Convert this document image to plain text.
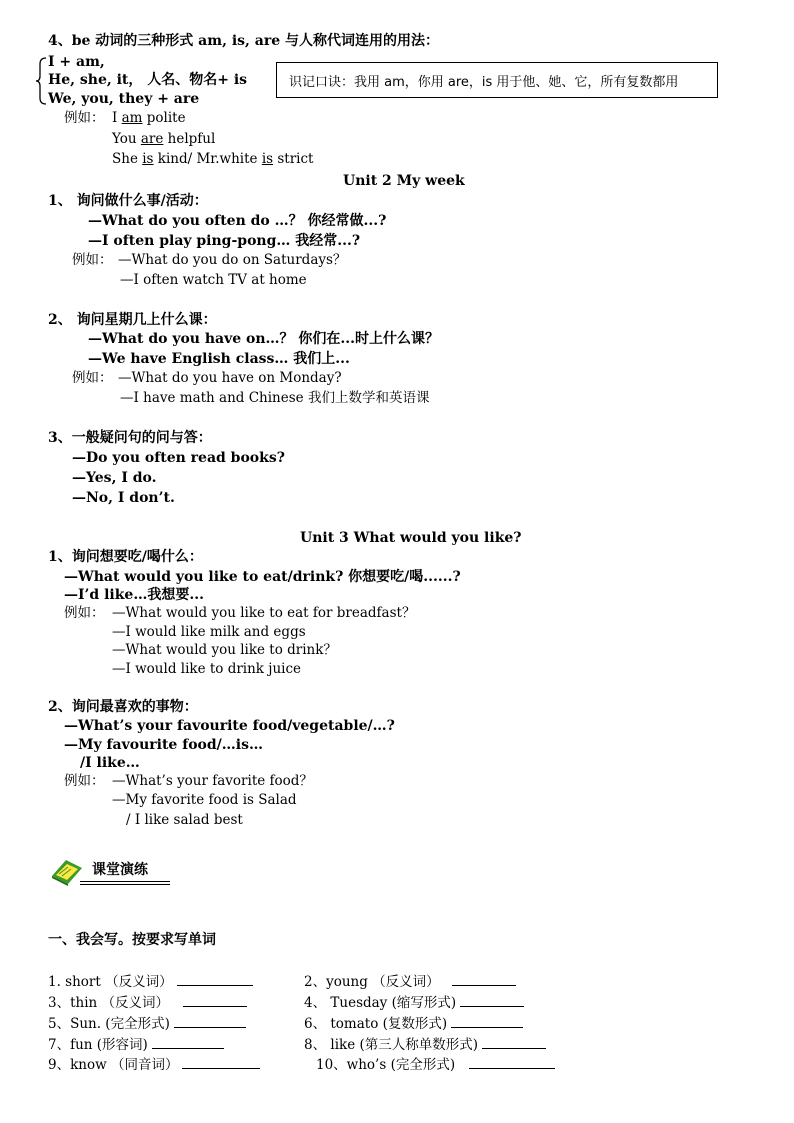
4、be 动词的三种形式 am, is, are 与人称代词连用的用法：
I + am,
He, she, it， 人名、物名+ is
We, you, they + are
识记口诀：我用 am，你用 are，is 用于他、她、它，所有复数都用
例如： I am polite
You are helpful
She is kind/ Mr.white is strict
Unit 2 My week
1、 询问做什么事/活动：
—What do you often do …？ 你经常做...?
—I often play ping-pong… 我经常...?
例如： —What do you do on Saturdays？
—I often watch TV at home
2、 询问星期几上什么课：
—What do you have on…？ 你们在...时上什么课？
—We have English class… 我们上...
例如： —What do you have on Monday?
—I have math and Chinese 我们上数学和英语课
3、一般疑问句的问与答：
—Do you often read books?
—Yes, I do.
—No, I don’t.
Unit 3 What would you like?
1、询问想要吃/喝什么：
—What would you like to eat/drink? 你想要吃/喝......?
—I’d like…我想要...
例如： —What would you like to eat for breadfast？
—I would like milk and eggs
—What would you like to drink？
—I would like to drink juice
2、询问最喜欢的事物：
—What’s your favourite food/vegetable/…?
—My favourite food/…is…
/I like…
例如： —What’s your favorite food？
—My favorite food is Salad
/ I like salad best
课堂演练
一、我会写。按要求写单词
1. short （反义词）	2、young （反义词）
3、thin （反义词）	4、 Tuesday (缩写形式)
5、Sun. (完全形式)	6、 tomato (复数形式)
7、fun (形容词)	8、 like (第三人称单数形式)
9、know （同音词）	10、who’s (完全形式)
